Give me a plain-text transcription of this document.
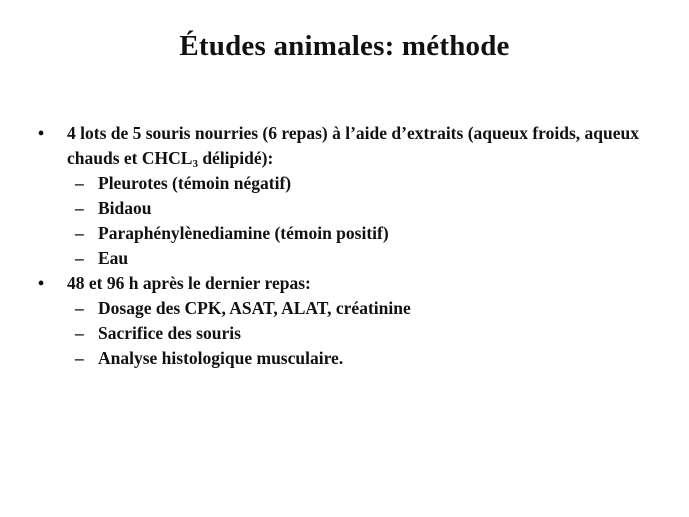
Études animales: méthode
•	4 lots de 5 souris nourries (6 repas) à l’aide d’extraits (aqueux froids, aqueux chauds et $CHCL_3$ délipidé):
– Pleurotes (témoin négatif)
– Bidaou
– Paraphénylènediamine (témoin positif)
– Eau
•	48 et 96 h après le dernier repas:
– Dosage des CPK, ASAT, ALAT, créatinine
– Sacrifice des souris
– Analyse histologique musculaire.
